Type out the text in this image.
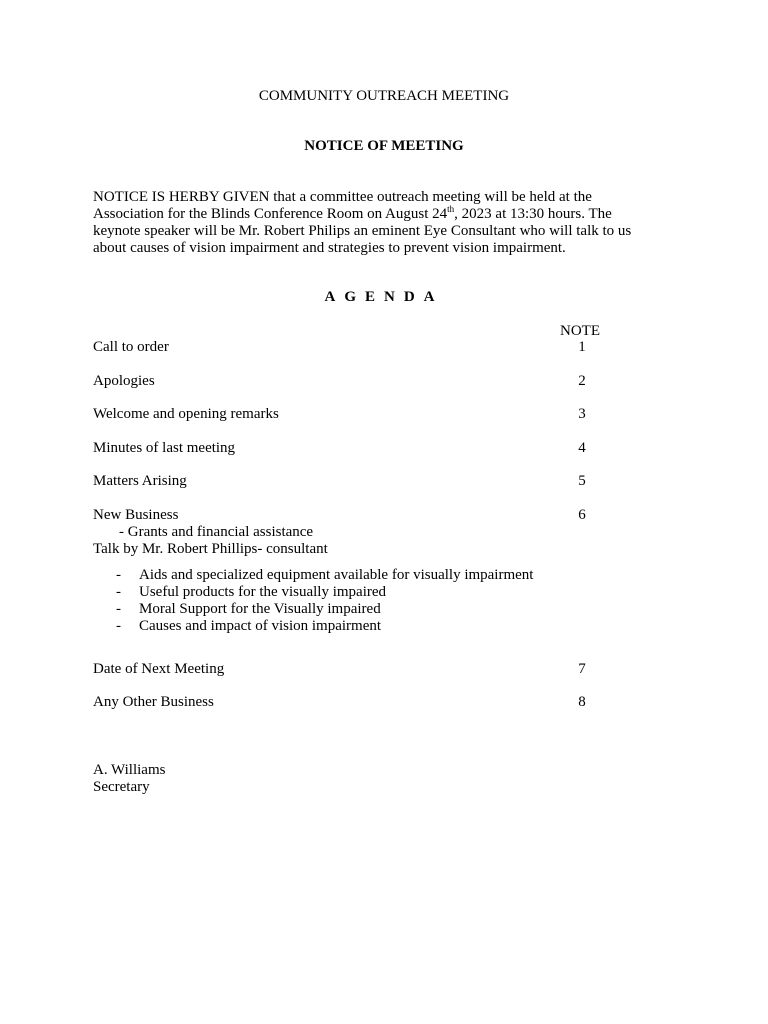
COMMUNITY OUTREACH MEETING
NOTICE OF MEETING
NOTICE IS HERBY GIVEN that a committee outreach meeting will be held at the
Association for the Blinds Conference Room on August 24th, 2023 at 13:30 hours. The
keynote speaker will be Mr. Robert Philips an eminent Eye Consultant who will talk to us
about causes of vision impairment and strategies to prevent vision impairment.
AGENDA
NOTE
Call to order	1
Apologies	2
Welcome and opening remarks	3
Minutes of last meeting	4
Matters Arising	5
New Business	6
- Grants and financial assistance
Talk by Mr. Robert Phillips- consultant
- Aids and specialized equipment available for visually impairment
- Useful products for the visually impaired
- Moral Support for the Visually impaired
- Causes and impact of vision impairment
Date of Next Meeting	7
Any Other Business	8
A. Williams
Secretary
